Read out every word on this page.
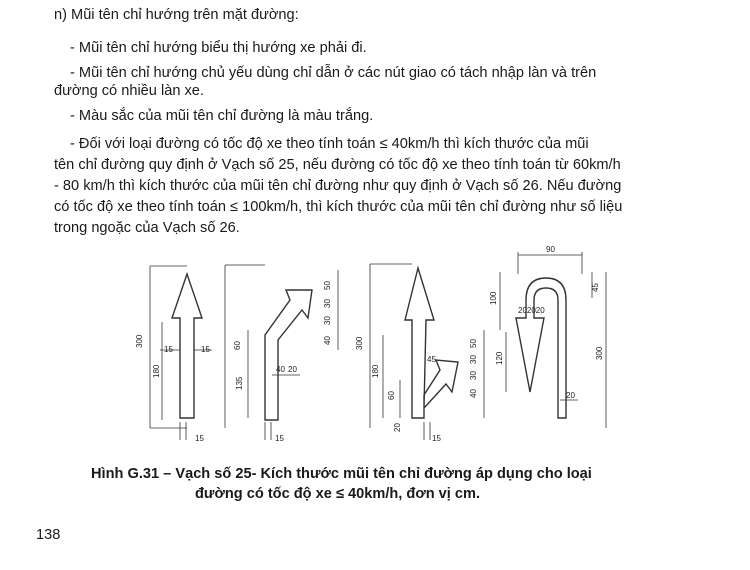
n) Mũi tên chỉ hướng trên mặt đường:
- Mũi tên chỉ hướng biểu thị hướng xe phải đi.
- Mũi tên chỉ hướng chủ yếu dùng chỉ dẫn ở các nút giao có tách nhập làn và trên
đường có nhiều làn xe.
- Màu sắc của mũi tên chỉ đường là màu trắng.
- Đối với loại đường có tốc độ xe theo tính toán ≤ 40km/h thì kích thước của mũi
tên chỉ đường quy định ở Vạch số 25, nếu đường có tốc độ xe theo tính toán từ 60km/h
- 80 km/h thì kích thước của mũi tên chỉ đường như quy định ở Vạch số 26. Nếu đường
có tốc độ xe theo tính toán ≤ 100km/h, thì kích thước của mũi tên chỉ đường như số liệu
trong ngoặc của Vạch số 26.
300
15	15
180
15
50
30
30
40
60
135
40 20
15
300
180
45
50
30
30
40
60
20
15
90
100
45
202020
120	300
20
Hình G.31 – Vạch số 25- Kích thước mũi tên chỉ đường áp dụng cho loại
đường có tốc độ xe ≤ 40km/h, đơn vị cm.
138
